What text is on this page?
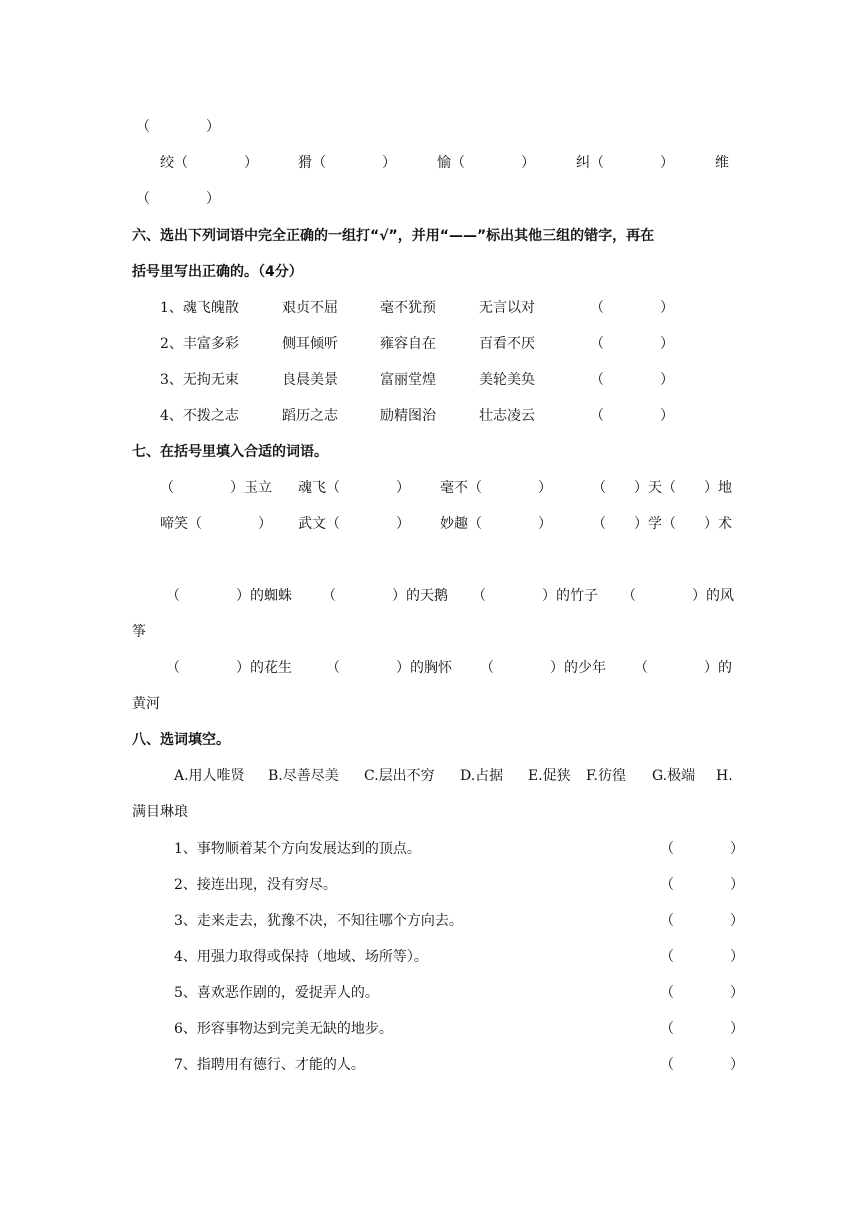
（　　　　）
绞（　　　　）	猾（　　　　）	愉（　　　　）	纠（　　　　）	维
（　　　　）
六、选出下列词语中完全正确的一组打“√”，并用“——”标出其他三组的错字，再在
括号里写出正确的。（4分）
1、魂飞魄散	艰贞不屈	毫不犹预	无言以对	（　　　　）
2、丰富多彩	侧耳倾听	雍容自在	百看不厌	（　　　　）
3、无拘无束	良晨美景	富丽堂煌	美轮美奂	（　　　　）
4、不拨之志	蹈历之志	励精图治	壮志凌云	（　　　　）
七、在括号里填入合适的词语。
（　　　　）玉立 魂飞（　　　　） 毫不（　　　　）	（　　）天（　　）地
啼笑（　　　　） 武文（　　　　） 妙趣（　　　　）	（　　）学（　　）术
（　　　　）的蜘蛛 （　　　　）的天鹅 （　　　　）的竹子 （　　　　）的风
筝
（　　　　）的花生 （　　　　）的胸怀 （　　　　）的少年 （　　　　）的
黄河
八、选词填空。
A.用人唯贤 B.尽善尽美 C.层出不穷 D.占据 E.促狭 F.彷徨 G.极端 H.
满目琳琅
1、事物顺着某个方向发展达到的顶点。	（　　　　）
2、接连出现，没有穷尽。	（　　　　）
3、走来走去，犹豫不决，不知往哪个方向去。	（　　　　）
4、用强力取得或保持（地域、场所等）。	（　　　　）
5、喜欢恶作剧的，爱捉弄人的。	（　　　　）
6、形容事物达到完美无缺的地步。	（　　　　）
7、指聘用有德行、才能的人。	（　　　　）
